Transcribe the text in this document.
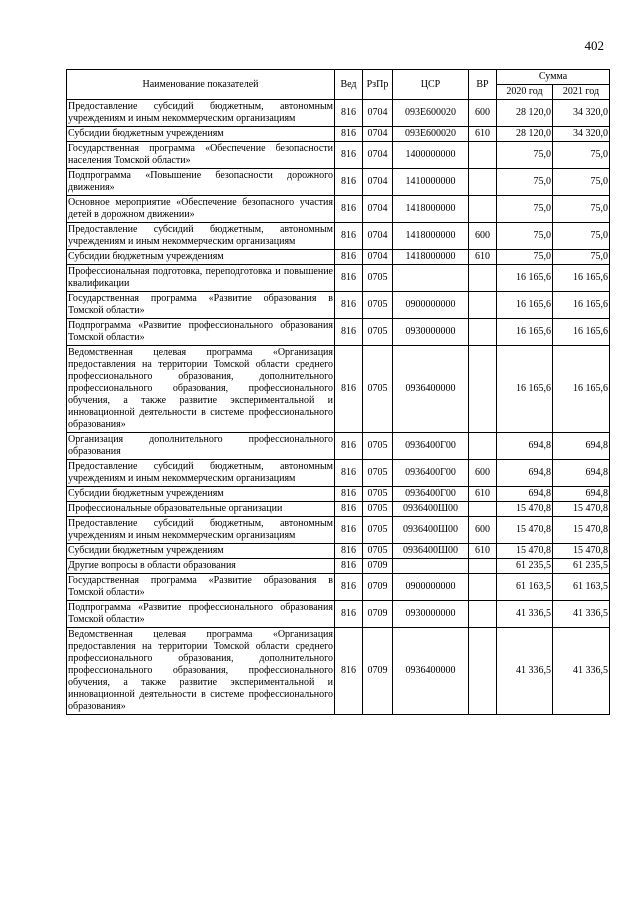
402
Наименование показателей	Вед	РзПр	ЦСР	ВР	Сумма	
					2020 год	2021 год
Предоставление субсидий бюджетным, автономным учреждениям и иным некоммерческим организациям	816	0704	093E600020	600	28 120,0	34 320,0
Субсидии бюджетным учреждениям	816	0704	093E600020	610	28 120,0	34 320,0
Государственная программа «Обеспечение безопасности населения Томской области»	816	0704	1400000000		75,0	75,0
Подпрограмма «Повышение безопасности дорожного движения»	816	0704	1410000000		75,0	75,0
Основное мероприятие «Обеспечение безопасного участия детей в дорожном движении»	816	0704	1418000000		75,0	75,0
Предоставление субсидий бюджетным, автономным учреждениям и иным некоммерческим организациям	816	0704	1418000000	600	75,0	75,0
Субсидии бюджетным учреждениям	816	0704	1418000000	610	75,0	75,0
Профессиональная подготовка, переподготовка и повышение квалификации	816	0705			16 165,6	16 165,6
Государственная программа «Развитие образования в Томской области»	816	0705	0900000000		16 165,6	16 165,6
Подпрограмма «Развитие профессионального образования Томской области»	816	0705	0930000000		16 165,6	16 165,6
Ведомственная целевая программа «Организация предоставления на территории Томской области среднего профессионального образования, дополнительного профессионального образования, профессионального обучения, а также развитие экспериментальной и инновационной деятельности в системе профессионального образования»	816	0705	0936400000		16 165,6	16 165,6
Организация дополнительного профессионального образования	816	0705	0936400Г00		694,8	694,8
Предоставление субсидий бюджетным, автономным учреждениям и иным некоммерческим организациям	816	0705	0936400Г00	600	694,8	694,8
Субсидии бюджетным учреждениям	816	0705	0936400Г00	610	694,8	694,8
Профессиональные образовательные организации	816	0705	0936400Ш00		15 470,8	15 470,8
Предоставление субсидий бюджетным, автономным учреждениям и иным некоммерческим организациям	816	0705	0936400Ш00	600	15 470,8	15 470,8
Субсидии бюджетным учреждениям	816	0705	0936400Ш00	610	15 470,8	15 470,8
Другие вопросы в области образования	816	0709			61 235,5	61 235,5
Государственная программа «Развитие образования в Томской области»	816	0709	0900000000		61 163,5	61 163,5
Подпрограмма «Развитие профессионального образования Томской области»	816	0709	0930000000		41 336,5	41 336,5
Ведомственная целевая программа «Организация предоставления на территории Томской области среднего профессионального образования, дополнительного профессионального образования, профессионального обучения, а также развитие экспериментальной и инновационной деятельности в системе профессионального образования»	816	0709	0936400000		41 336,5	41 336,5
